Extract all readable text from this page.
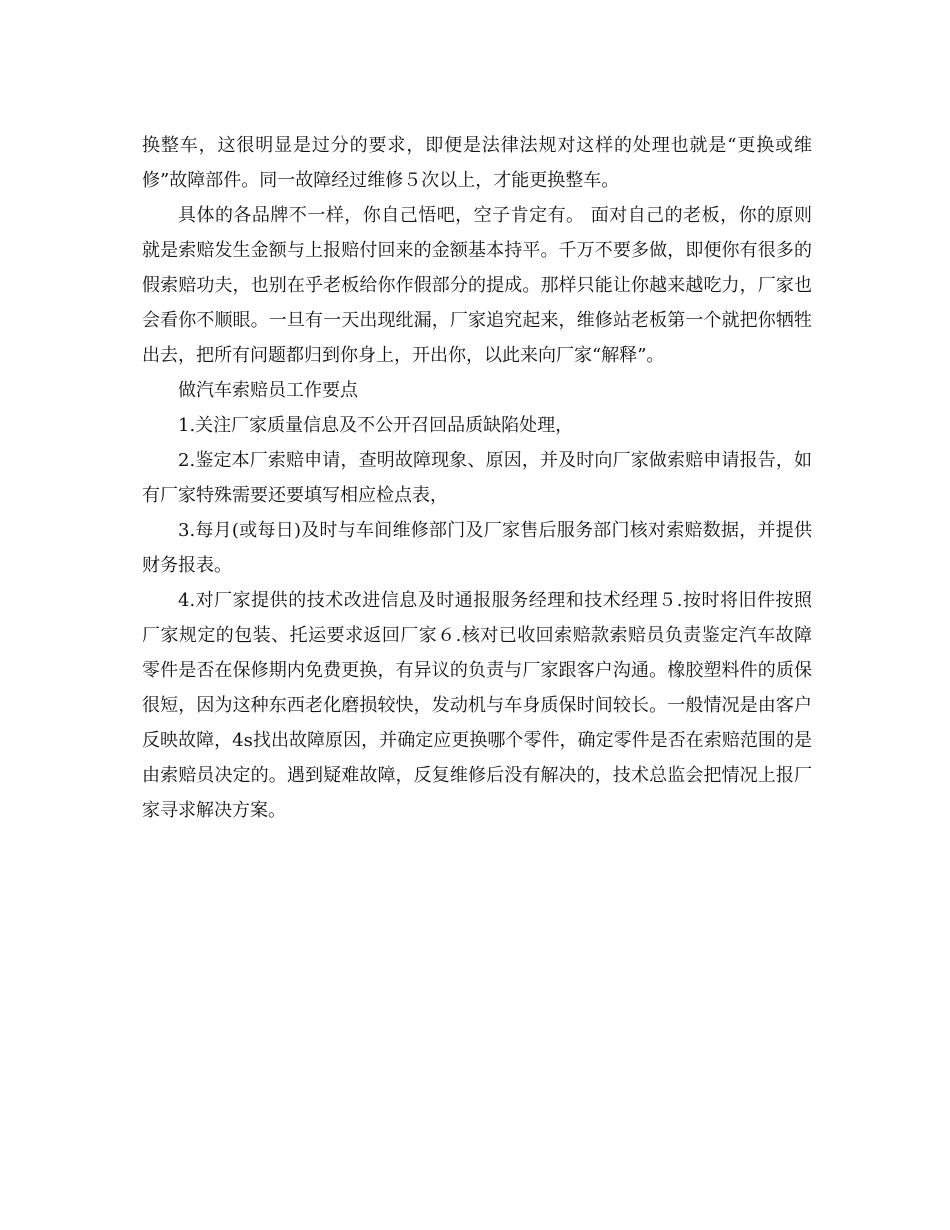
换整车，这很明显是过分的要求，即便是法律法规对这样的处理也就是“更换或维修”故障部件。同一故障经过维修５次以上，才能更换整车。

具体的各品牌不一样，你自己悟吧，空子肯定有。 面对自己的老板，你的原则就是索赔发生金额与上报赔付回来的金额基本持平。千万不要多做，即便你有很多的假索赔功夫，也别在乎老板给你作假部分的提成。那样只能让你越来越吃力，厂家也会看你不顺眼。一旦有一天出现纰漏，厂家追究起来，维修站老板第一个就把你牺牲出去，把所有问题都归到你身上，开出你，以此来向厂家“解释”。

做汽车索赔员工作要点

1.关注厂家质量信息及不公开召回品质缺陷处理，

2.鉴定本厂索赔申请，查明故障现象、原因，并及时向厂家做索赔申请报告，如有厂家特殊需要还要填写相应检点表，

3.每月(或每日)及时与车间维修部门及厂家售后服务部门核对索赔数据，并提供财务报表。

4.对厂家提供的技术改进信息及时通报服务经理和技术经理５.按时将旧件按照厂家规定的包装、托运要求返回厂家６.核对已收回索赔款索赔员负责鉴定汽车故障零件是否在保修期内免费更换，有异议的负责与厂家跟客户沟通。橡胶塑料件的质保很短，因为这种东西老化磨损较快，发动机与车身质保时间较长。一般情况是由客户反映故障，4s找出故障原因，并确定应更换哪个零件，确定零件是否在索赔范围的是由索赔员决定的。遇到疑难故障，反复维修后没有解决的，技术总监会把情况上报厂家寻求解决方案。
